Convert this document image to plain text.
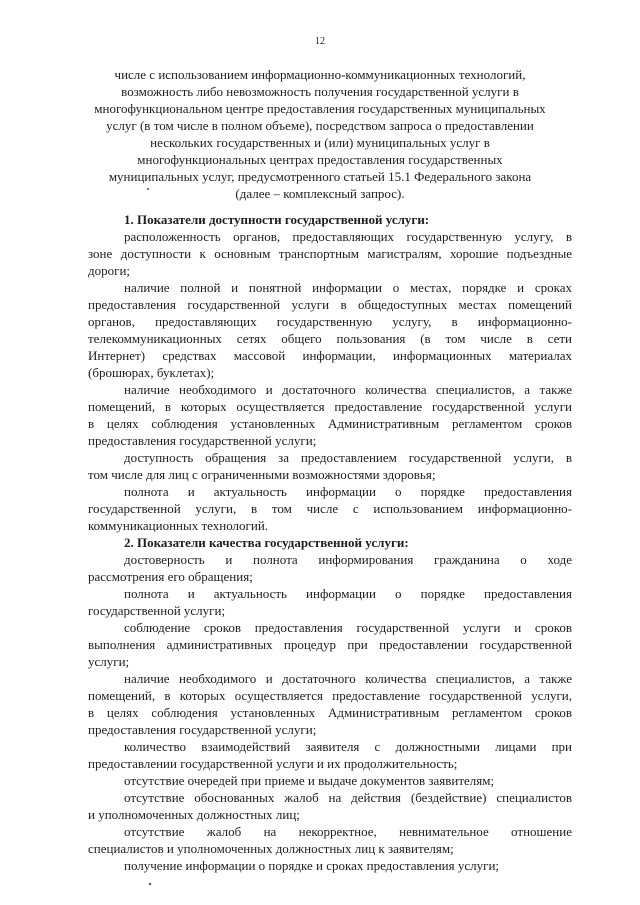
12
числе с использованием информационно-коммуникационных технологий,
возможность либо невозможность получения государственной услуги в
многофункциональном центре предоставления государственных муниципальных
услуг (в том числе в полном объеме), посредством запроса о предоставлении
нескольких государственных и (или) муниципальных услуг в
многофункциональных центрах предоставления государственных
муниципальных услуг, предусмотренного статьей 15.1 Федерального закона
(далее – комплексный запрос).
1. Показатели доступности государственной услуги:
расположенность органов, предоставляющих государственную услугу, в
зоне доступности к основным транспортным магистралям, хорошие подъездные
дороги;
наличие полной и понятной информации о местах, порядке и сроках
предоставления государственной услуги в общедоступных местах помещений
органов, предоставляющих государственную услугу, в информационно-
телекоммуникационных сетях общего пользования (в том числе в сети
Интернет) средствах массовой информации, информационных материалах
(брошюрах, буклетах);
наличие необходимого и достаточного количества специалистов, а также
помещений, в которых осуществляется предоставление государственной услуги
в целях соблюдения установленных Административным регламентом сроков
предоставления государственной услуги;
доступность обращения за предоставлением государственной услуги, в
том числе для лиц с ограниченными возможностями здоровья;
полнота и актуальность информации о порядке предоставления
государственной услуги, в том числе с использованием информационно-
коммуникационных технологий.
2. Показатели качества государственной услуги:
достоверность и полнота информирования гражданина о ходе
рассмотрения его обращения;
полнота и актуальность информации о порядке предоставления
государственной услуги;
соблюдение сроков предоставления государственной услуги и сроков
выполнения административных процедур при предоставлении государственной
услуги;
наличие необходимого и достаточного количества специалистов, а также
помещений, в которых осуществляется предоставление государственной услуги,
в целях соблюдения установленных Административным регламентом сроков
предоставления государственной услуги;
количество взаимодействий заявителя с должностными лицами при
предоставлении государственной услуги и их продолжительность;
отсутствие очередей при приеме и выдаче документов заявителям;
отсутствие обоснованных жалоб на действия (бездействие) специалистов
и уполномоченных должностных лиц;
отсутствие жалоб на некорректное, невнимательное отношение
специалистов и уполномоченных должностных лиц к заявителям;
получение информации о порядке и сроках предоставления услуги;
